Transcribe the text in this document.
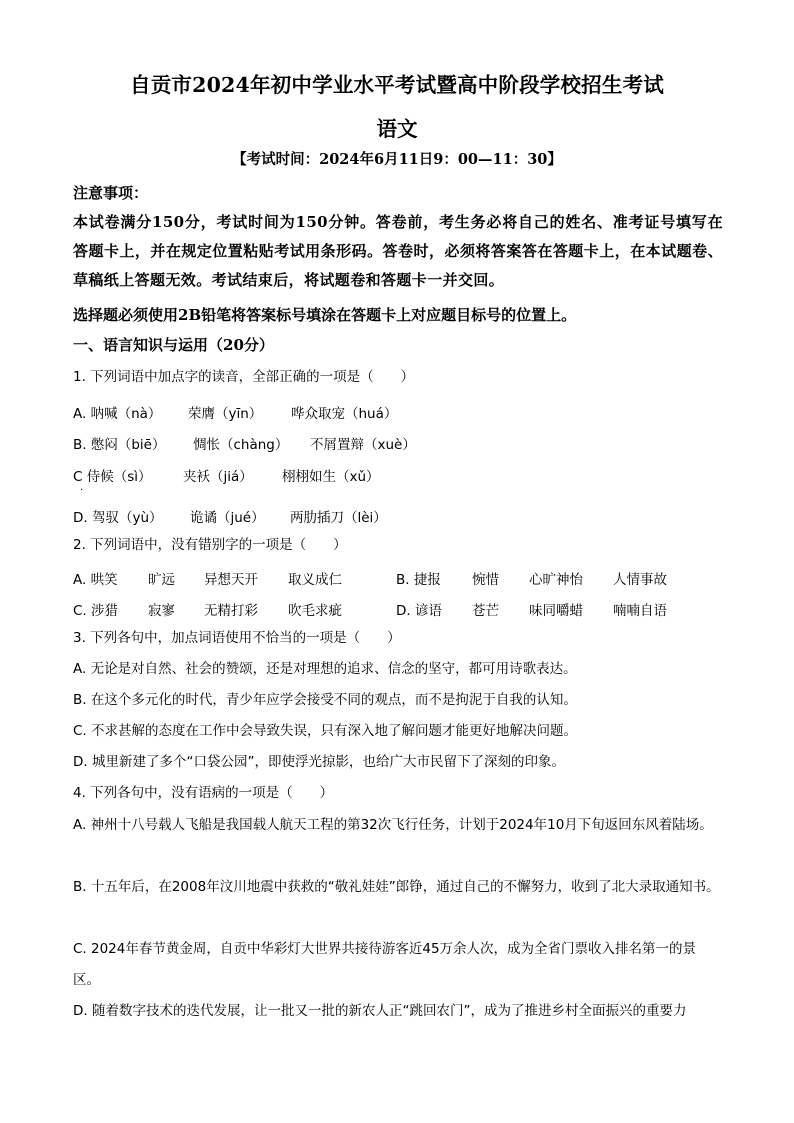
自贡市2024年初中学业水平考试暨高中阶段学校招生考试
语文
【考试时间：2024年6月11日9：00—11：30】
注意事项：
本试卷满分150分，考试时间为150分钟。答卷前，考生务必将自己的姓名、准考证号填写在答题卡上，并在规定位置粘贴考试用条形码。答卷时，必须将答案答在答题卡上，在本试题卷、草稿纸上答题无效。考试结束后，将试题卷和答题卡一并交回。
选择题必须使用2B铅笔将答案标号填涂在答题卡上对应题目标号的位置上。
一、语言知识与运用（20分）
1. 下列词语中加点字的读音，全部正确的一项是（　　）
A. 呐喊（nà） 荣膺（yīn） 哗众取宠（huá）
B. 憋闷（biē） 惆怅（chàng） 不屑置辩（xuè）
C 侍候（sì） 夹袄（jiá） 栩栩如生（xǔ）
·
D. 驾驭（yù） 诡谲（jué） 两肋插刀（lèi）
2. 下列词语中，没有错别字的一项是（　　）
A. 哄笑 旷远 异想天开 取义成仁	B. 捷报 惋惜 心旷神怡 人情事故
C. 涉猎 寂寥 无精打彩 吹毛求疵	D. 谚语 苍芒 味同嚼蜡 喃喃自语
3. 下列各句中，加点词语使用不恰当的一项是（　　）
A. 无论是对自然、社会的赞颂，还是对理想的追求、信念的坚守，都可用诗歌表达。
B. 在这个多元化的时代，青少年应学会接受不同的观点，而不是拘泥于自我的认知。
C. 不求甚解的态度在工作中会导致失误，只有深入地了解问题才能更好地解决问题。
D. 城里新建了多个“口袋公园”，即使浮光掠影，也给广大市民留下了深刻的印象。
4. 下列各句中，没有语病的一项是（　　）
A. 神州十八号载人飞船是我国载人航天工程的第32次飞行任务，计划于2024年10月下旬返回东风着陆场。
B. 十五年后，在2008年汶川地震中获救的“敬礼娃娃”郎铮，通过自己的不懈努力，收到了北大录取通知书。
C. 2024年春节黄金周，自贡中华彩灯大世界共接待游客近45万余人次，成为全省门票收入排名第一的景区。
D. 随着数字技术的迭代发展，让一批又一批的新农人正“跳回农门”，成为了推进乡村全面振兴的重要力
